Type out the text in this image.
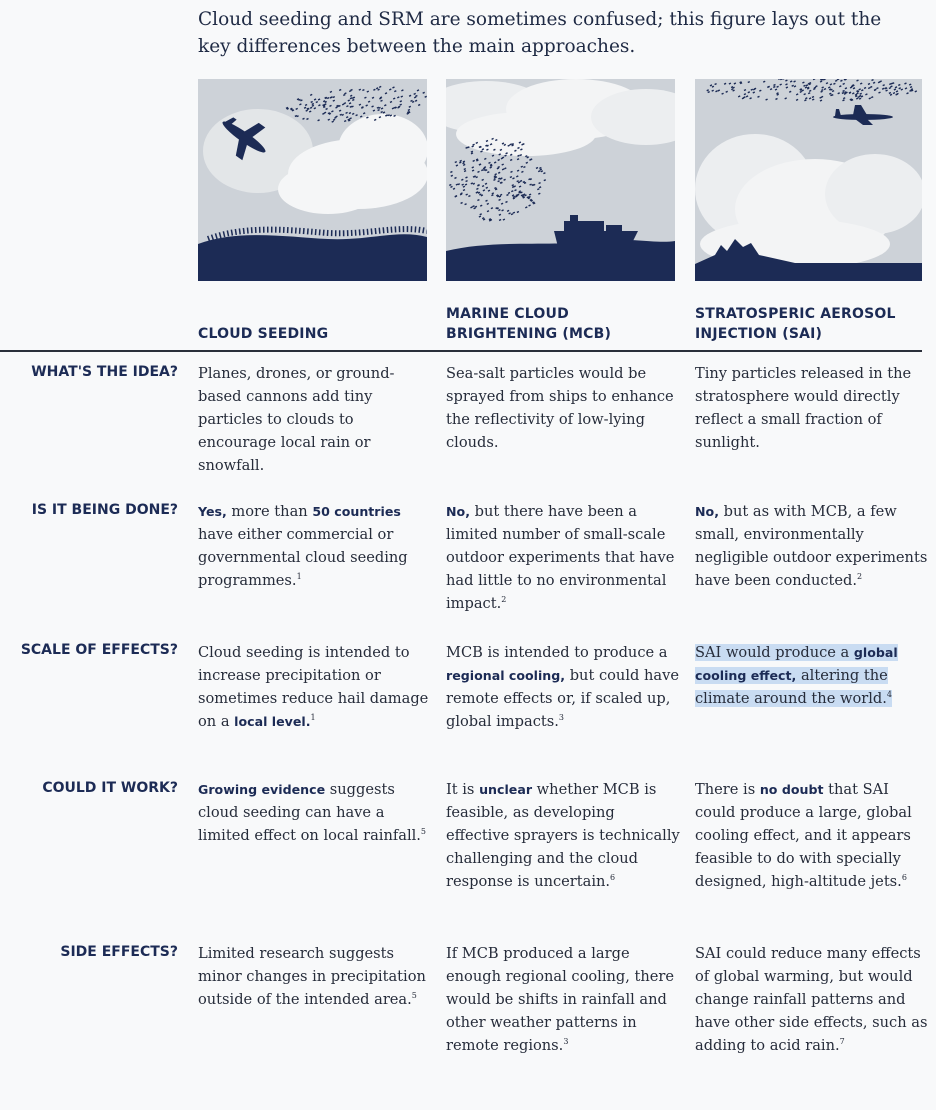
Cloud seeding and SRM are sometimes confused; this figure lays out the key differences between the main approaches.
CLOUD SEEDING
MARINE CLOUD
BRIGHTENING (MCB)
STRATOSPERIC AEROSOL
INJECTION (SAI)
WHAT'S THE IDEA? Planes, drones, or ground-based cannons add tiny particles to clouds to encourage local rain or snowfall.
Sea-salt particles would be sprayed from ships to enhance the reflectivity of low-lying clouds.
Tiny particles released in the stratosphere would directly reflect a small fraction of sunlight.
IS IT BEING DONE? Yes, more than 50 countries have either commercial or governmental cloud seeding programmes.$^1$
No, but there have been a limited number of small-scale outdoor experiments that have had little to no environmental impact.$^2$
No, but as with MCB, a few small, environmentally negligible outdoor experiments have been conducted.$^2$
SCALE OF EFFECTS? Cloud seeding is intended to increase precipitation or sometimes reduce hail damage on a local level.$^1$
MCB is intended to produce a regional cooling, but could have remote effects or, if scaled up, global impacts.$^3$
SAI would produce a global cooling effect, altering the climate around the world.$^4$
COULD IT WORK? Growing evidence suggests cloud seeding can have a limited effect on local rainfall.$^5$
It is unclear whether MCB is feasible, as developing effective sprayers is technically challenging and the cloud response is uncertain.$^6$
There is no doubt that SAI could produce a large, global cooling effect, and it appears feasible to do with specially designed, high-altitude jets.$^6$
SIDE EFFECTS? Limited research suggests minor changes in precipitation outside of the intended area.$^5$
If MCB produced a large enough regional cooling, there would be shifts in rainfall and other weather patterns in remote regions.$^3$
SAI could reduce many effects of global warming, but would change rainfall patterns and have other side effects, such as adding to acid rain.$^7$
